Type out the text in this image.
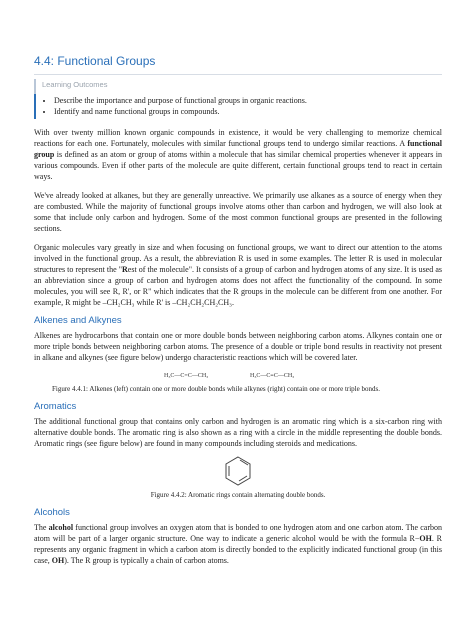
4.4: Functional Groups
Learning Outcomes
• Describe the importance and purpose of functional groups in organic reactions.
• Identify and name functional groups in compounds.

With over twenty million known organic compounds in existence, it would be very challenging to memorize chemical reactions for each one. Fortunately, molecules with similar functional groups tend to undergo similar reactions. A functional group is defined as an atom or group of atoms within a molecule that has similar chemical properties whenever it appears in various compounds. Even if other parts of the molecule are quite different, certain functional groups tend to react in certain ways.

We've already looked at alkanes, but they are generally unreactive. We primarily use alkanes as a source of energy when they are combusted. While the majority of functional groups involve atoms other than carbon and hydrogen, we will also look at some that include only carbon and hydrogen. Some of the most common functional groups are presented in the following sections.

Organic molecules vary greatly in size and when focusing on functional groups, we want to direct our attention to the atoms involved in the functional group. As a result, the abbreviation R is used in some examples. The letter R is used in molecular structures to represent the "Rest of the molecule". It consists of a group of carbon and hydrogen atoms of any size. It is used as an abbreviation since a group of carbon and hydrogen atoms does not affect the functionality of the compound. In some molecules, you will see R, R', or R" which indicates that the R groups in the molecule can be different from one another. For example, R might be –CH₂CH₃ while R' is –CH₂CH₂CH₂CH₃.

Alkenes and Alkynes

Alkenes are hydrocarbons that contain one or more double bonds between neighboring carbon atoms. Alkynes contain one or more triple bonds between neighboring carbon atoms. The presence of a double or triple bond results in reactivity not present in alkane and alkynes (see figure below) undergo characteristic reactions which will be covered later.

H₃C—C=C—CH₃	H₃C—C≡C—CH₃
Figure 4.4.1: Alkenes (left) contain one or more double bonds while alkynes (right) contain one or more triple bonds.
Aromatics

The additional functional group that contains only carbon and hydrogen is an aromatic ring which is a six-carbon ring with alternative double bonds. The aromatic ring is also shown as a ring with a circle in the middle representing the double bonds. Aromatic rings (see figure below) are found in many compounds including steroids and medications.

Figure 4.4.2: Aromatic rings contain alternating double bonds.
Alcohols

The alcohol functional group involves an oxygen atom that is bonded to one hydrogen atom and one carbon atom. The carbon atom will be part of a larger organic structure. One way to indicate a generic alcohol would be with the formula R−OH. R represents any organic fragment in which a carbon atom is directly bonded to the explicitly indicated functional group (in this case, OH). The R group is typically a chain of carbon atoms.
